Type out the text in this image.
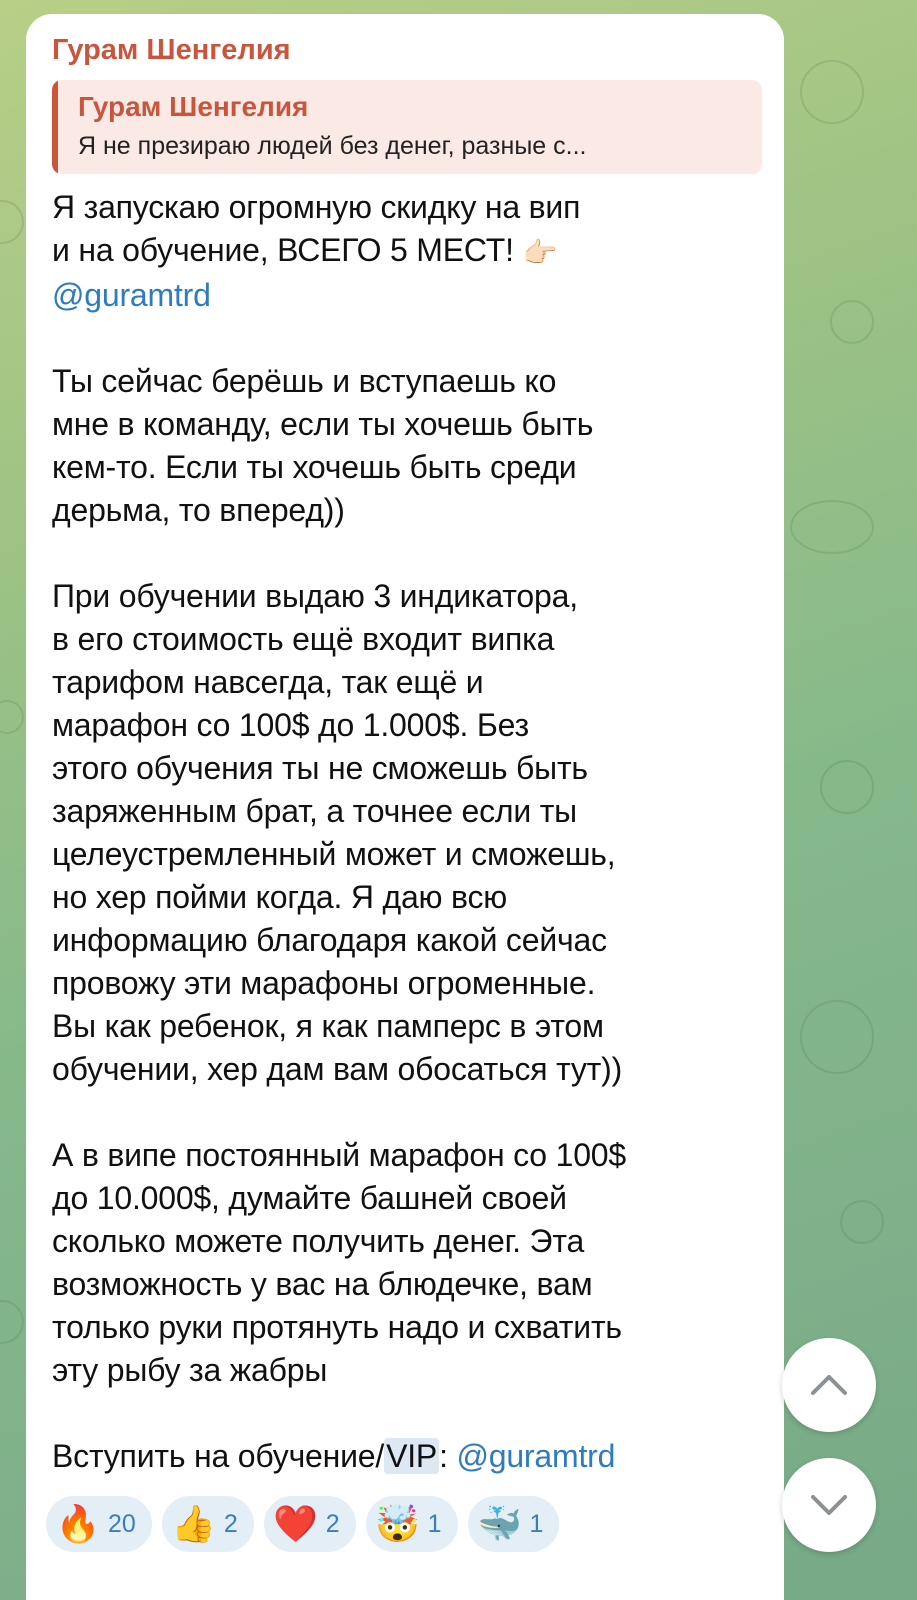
Гурам Шенгелия
Гурам Шенгелия
Я не презираю людей без денег, разные с...
Я запускаю огромную скидку на вип
и на обучение, ВСЕГО 5 МЕСТ! 👉🏻
@guramtrd
Ты сейчас берёшь и вступаешь ко
мне в команду, если ты хочешь быть
кем-то. Если ты хочешь быть среди
дерьма, то вперед))
При обучении выдаю 3 индикатора,
в его стоимость ещё входит випка
тарифом навсегда, так ещё и
марафон со 100$ до 1.000$. Без
этого обучения ты не сможешь быть
заряженным брат, а точнее если ты
целеустремленный может и сможешь,
но хер пойми когда. Я даю всю
информацию благодаря какой сейчас
провожу эти марафоны огроменные.
Вы как ребенок, я как памперс в этом
обучении, хер дам вам обосаться тут))
А в випе постоянный марафон со 100$
до 10.000$, думайте башней своей
сколько можете получить денег. Эта
возможность у вас на блюдечке, вам
только руки протянуть надо и схватить
эту рыбу за жабры
Вступить на обучение/VIP: @guramtrd
🔥 20 👍 2 ❤️ 2 🤯 1 🐳 1
